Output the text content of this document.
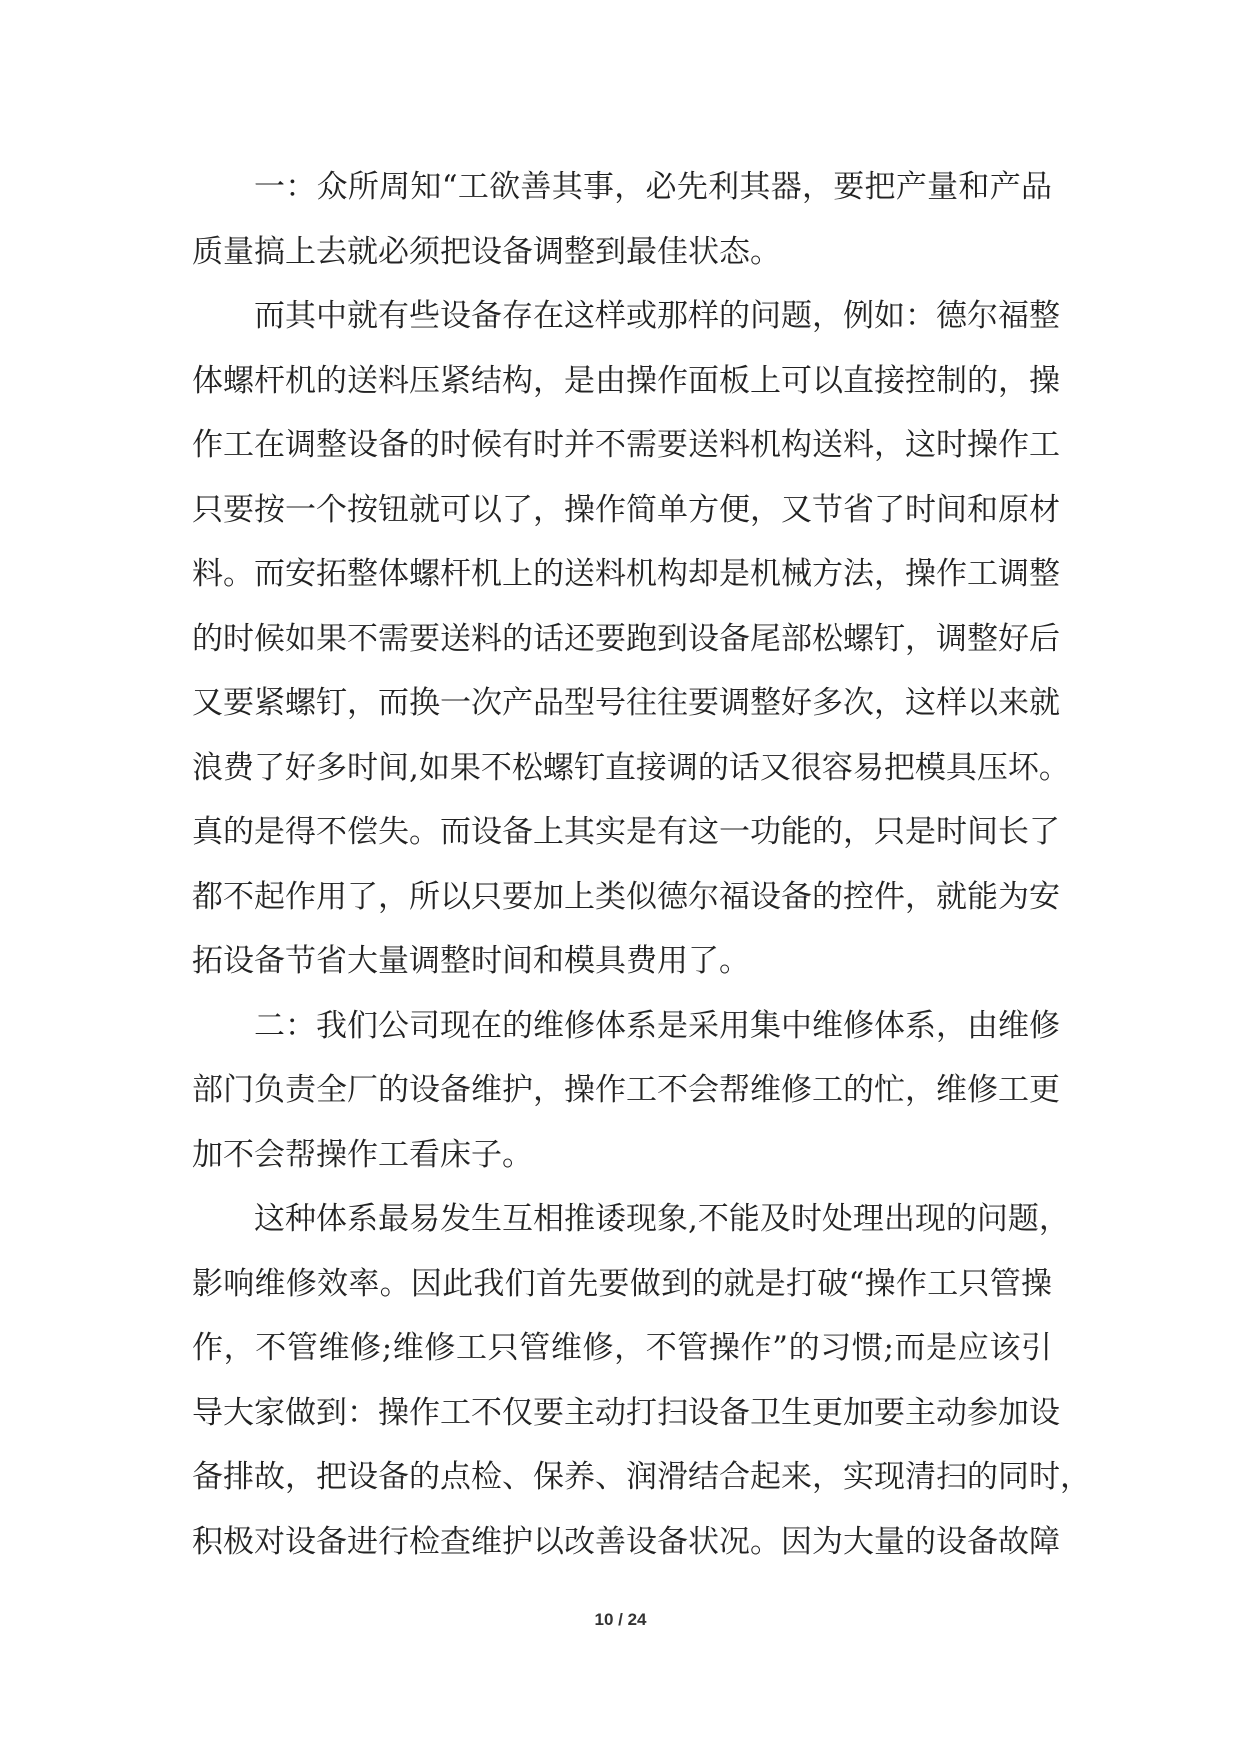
一：众所周知“工欲善其事，必先利其器，要把产量和产品
质量搞上去就必须把设备调整到最佳状态。
而其中就有些设备存在这样或那样的问题，例如：德尔福整
体螺杆机的送料压紧结构，是由操作面板上可以直接控制的，操
作工在调整设备的时候有时并不需要送料机构送料，这时操作工
只要按一个按钮就可以了，操作简单方便，又节省了时间和原材
料。而安拓整体螺杆机上的送料机构却是机械方法，操作工调整
的时候如果不需要送料的话还要跑到设备尾部松螺钉，调整好后
又要紧螺钉，而换一次产品型号往往要调整好多次，这样以来就
浪费了好多时间,如果不松螺钉直接调的话又很容易把模具压坏。
真的是得不偿失。而设备上其实是有这一功能的，只是时间长了
都不起作用了，所以只要加上类似德尔福设备的控件，就能为安
拓设备节省大量调整时间和模具费用了。
二：我们公司现在的维修体系是采用集中维修体系，由维修
部门负责全厂的设备维护，操作工不会帮维修工的忙，维修工更
加不会帮操作工看床子。
这种体系最易发生互相推诿现象,不能及时处理出现的问题，
影响维修效率。因此我们首先要做到的就是打破“操作工只管操
作，不管维修;维修工只管维修，不管操作”的习惯;而是应该引
导大家做到：操作工不仅要主动打扫设备卫生更加要主动参加设
备排故，把设备的点检、保养、润滑结合起来，实现清扫的同时，
积极对设备进行检查维护以改善设备状况。因为大量的设备故障
10 / 24
